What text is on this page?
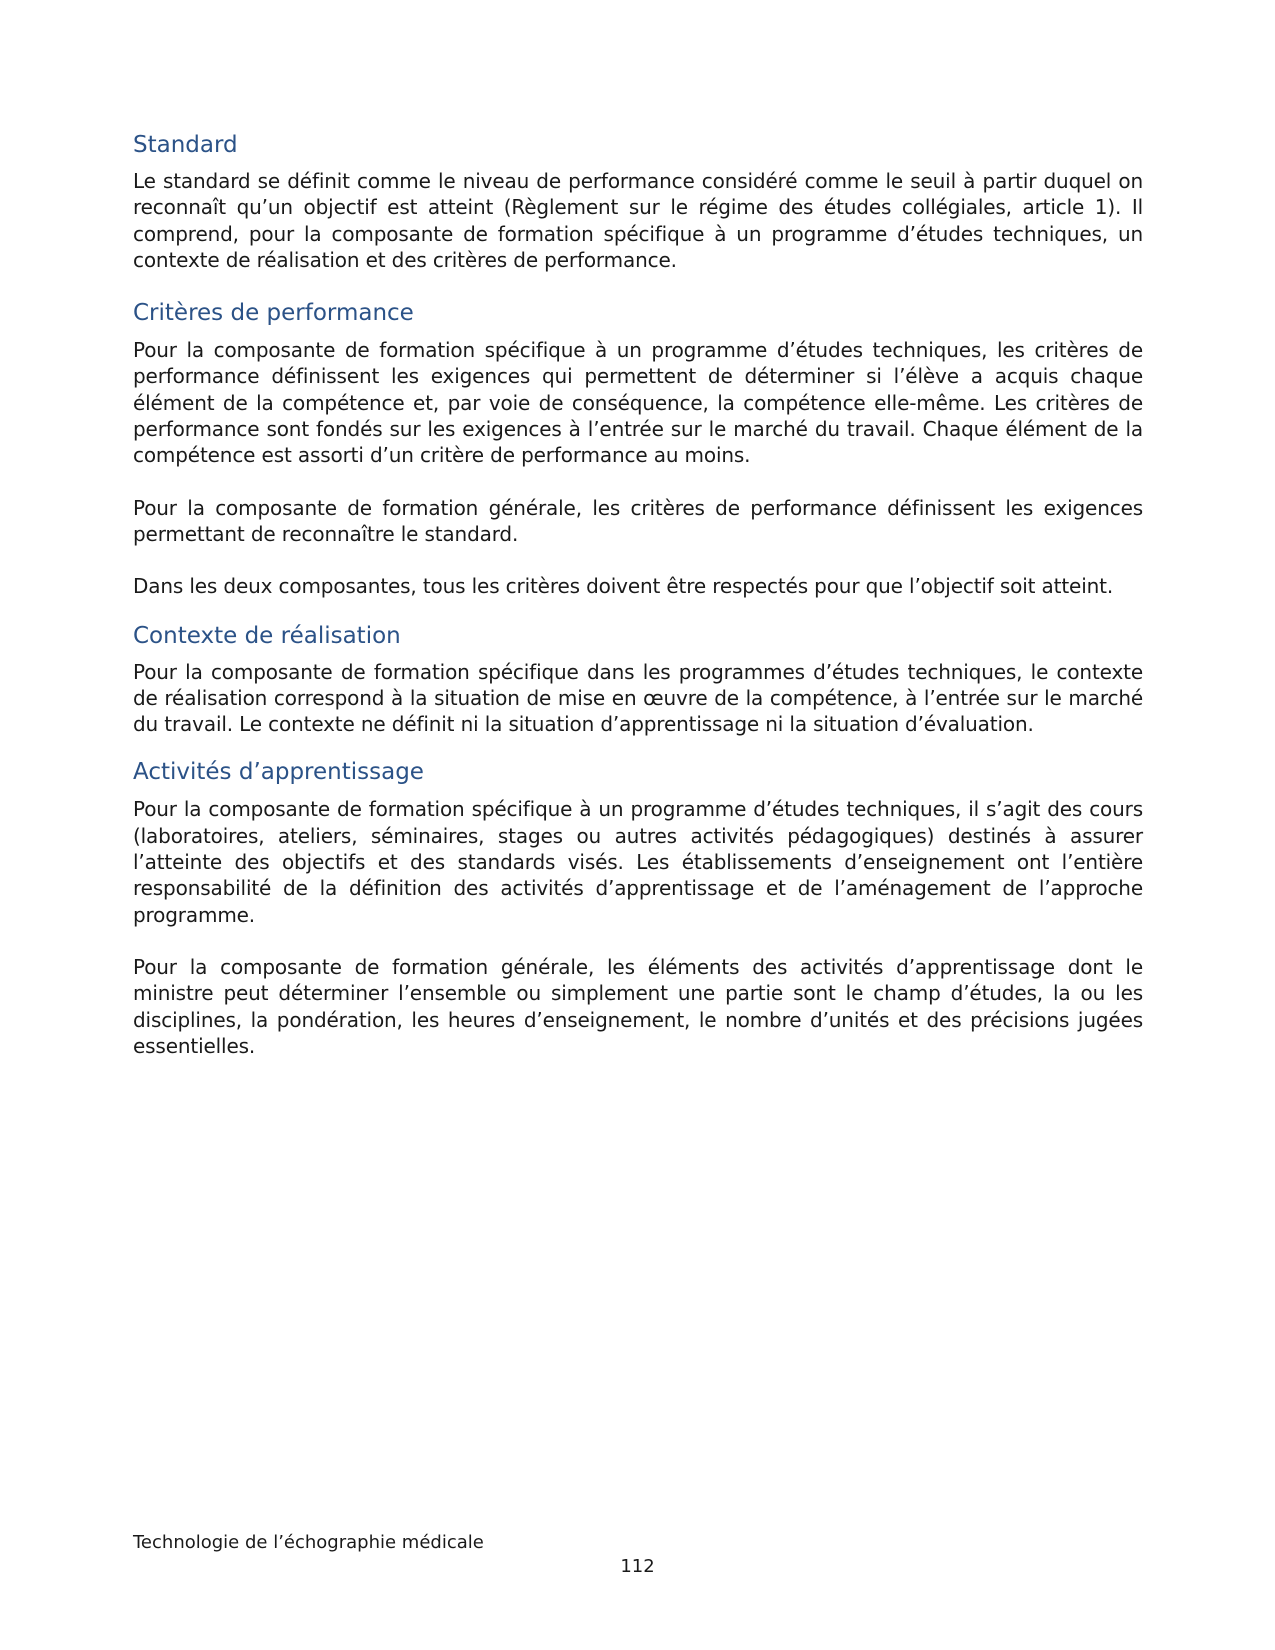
Standard

Le standard se définit comme le niveau de performance considéré comme le seuil à partir duquel on reconnaît qu’un objectif est atteint (Règlement sur le régime des études collégiales, article 1). Il comprend, pour la composante de formation spécifique à un programme d’études techniques, un contexte de réalisation et des critères de performance.

Critères de performance

Pour la composante de formation spécifique à un programme d’études techniques, les critères de performance définissent les exigences qui permettent de déterminer si l’élève a acquis chaque élément de la compétence et, par voie de conséquence, la compétence elle-même. Les critères de performance sont fondés sur les exigences à l’entrée sur le marché du travail. Chaque élément de la compétence est assorti d’un critère de performance au moins.

Pour la composante de formation générale, les critères de performance définissent les exigences permettant de reconnaître le standard.

Dans les deux composantes, tous les critères doivent être respectés pour que l’objectif soit atteint.

Contexte de réalisation

Pour la composante de formation spécifique dans les programmes d’études techniques, le contexte de réalisation correspond à la situation de mise en œuvre de la compétence, à l’entrée sur le marché du travail. Le contexte ne définit ni la situation d’apprentissage ni la situation d’évaluation.

Activités d’apprentissage

Pour la composante de formation spécifique à un programme d’études techniques, il s’agit des cours (laboratoires, ateliers, séminaires, stages ou autres activités pédagogiques) destinés à assurer l’atteinte des objectifs et des standards visés. Les établissements d’enseignement ont l’entière responsabilité de la définition des activités d’apprentissage et de l’aménagement de l’approche programme.

Pour la composante de formation générale, les éléments des activités d’apprentissage dont le ministre peut déterminer l’ensemble ou simplement une partie sont le champ d’études, la ou les disciplines, la pondération, les heures d’enseignement, le nombre d’unités et des précisions jugées essentielles.

Technologie de l’échographie médicale
112
